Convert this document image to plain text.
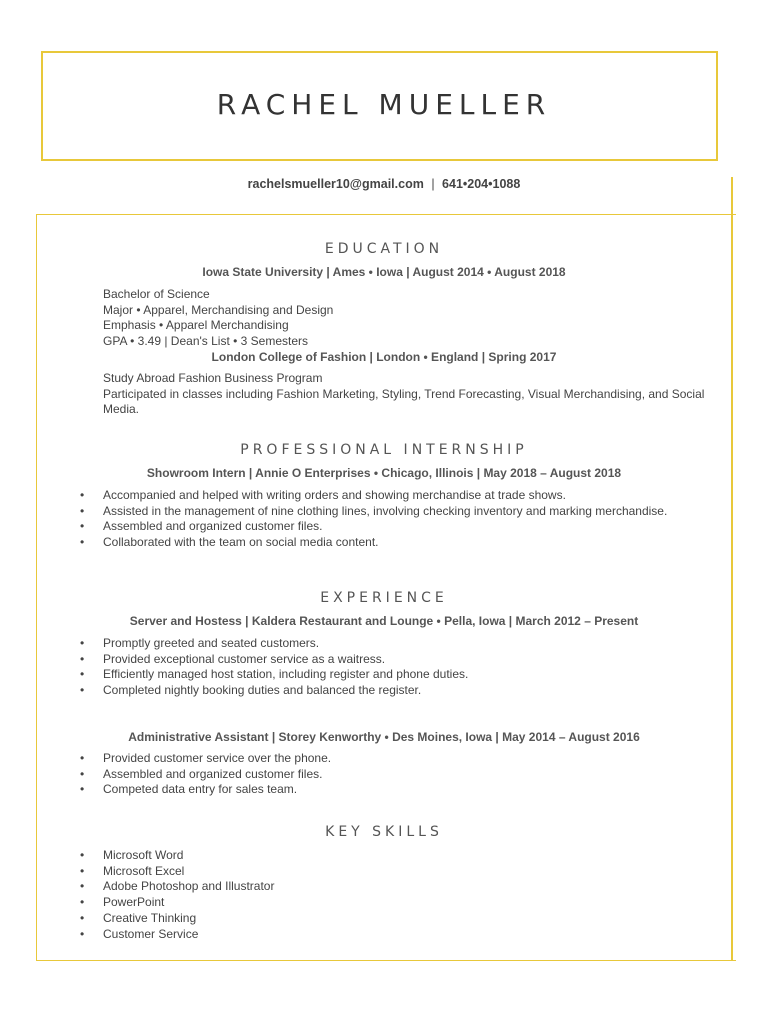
RACHEL MUELLER
rachelsmueller10@gmail.com | 641•204•1088
EDUCATION
Iowa State University | Ames • Iowa | August 2014 • August 2018
Bachelor of Science
Major • Apparel, Merchandising and Design
Emphasis • Apparel Merchandising
GPA • 3.49 | Dean's List • 3 Semesters
London College of Fashion | London • England | Spring 2017
Study Abroad Fashion Business Program
Participated in classes including Fashion Marketing, Styling, Trend Forecasting, Visual Merchandising, and Social Media.
PROFESSIONAL INTERNSHIP
Showroom Intern | Annie O Enterprises • Chicago, Illinois | May 2018 – August 2018
• Accompanied and helped with writing orders and showing merchandise at trade shows.
• Assisted in the management of nine clothing lines, involving checking inventory and marking merchandise.
• Assembled and organized customer files.
• Collaborated with the team on social media content.
EXPERIENCE
Server and Hostess | Kaldera Restaurant and Lounge • Pella, Iowa | March 2012 – Present
• Promptly greeted and seated customers.
• Provided exceptional customer service as a waitress.
• Efficiently managed host station, including register and phone duties.
• Completed nightly booking duties and balanced the register.
Administrative Assistant | Storey Kenworthy • Des Moines, Iowa | May 2014 – August 2016
• Provided customer service over the phone.
• Assembled and organized customer files.
• Competed data entry for sales team.
KEY SKILLS
• Microsoft Word
• Microsoft Excel
• Adobe Photoshop and Illustrator
• PowerPoint
• Creative Thinking
• Customer Service
